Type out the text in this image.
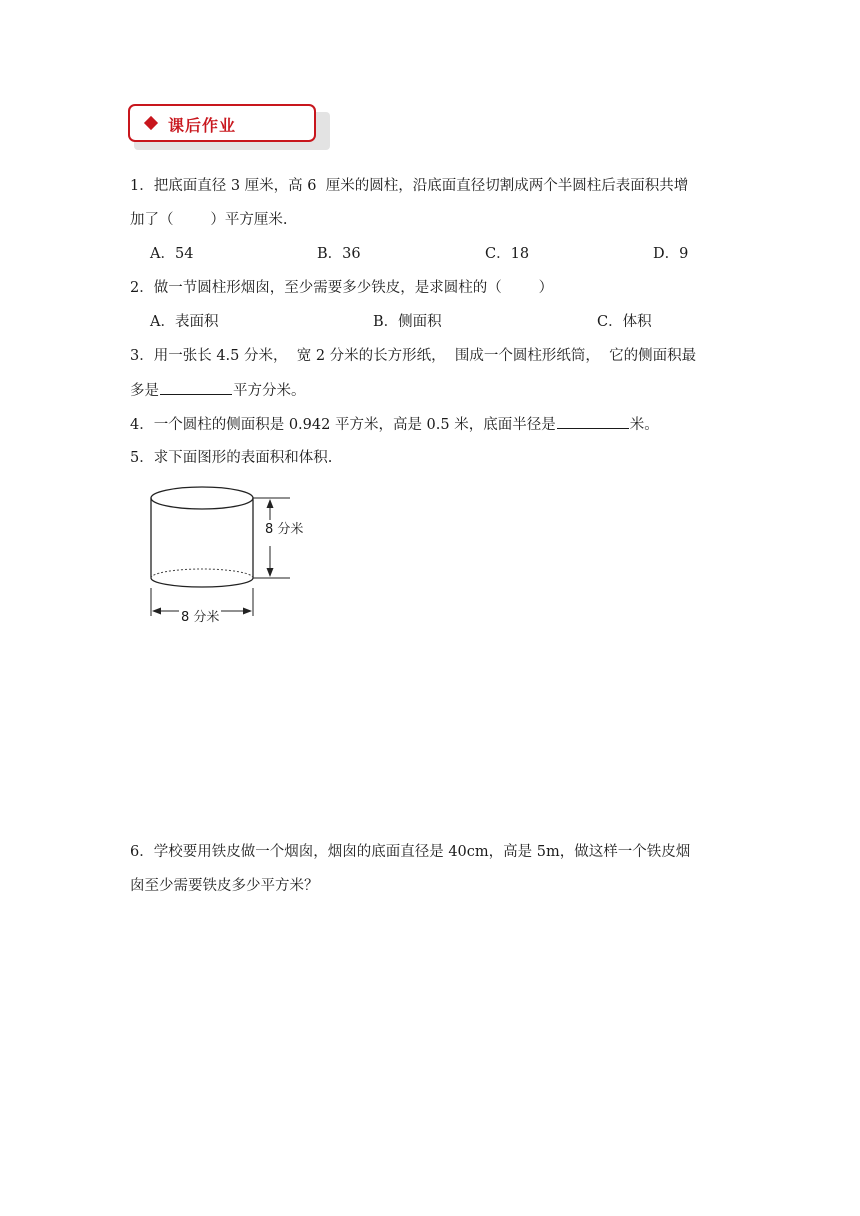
课后作业
1．把底面直径 3 厘米，高 6  厘米的圆柱，沿底面直径切割成两个半圆柱后表面积共增
加了（        ）平方厘米.
A．54	B．36	C．18	D．9
2．做一节圆柱形烟囱，至少需要多少铁皮，是求圆柱的（        ）
A．表面积	B．侧面积	C．体积
3．用一张长 4.5 分米，  宽 2 分米的长方形纸，  围成一个圆柱形纸筒，  它的侧面积最
多是	平方分米。
4．一个圆柱的侧面积是 0.942 平方米，高是 0.5 米，底面半径是	米。
5．求下面图形的表面积和体积.
8 分米
8 分米
6．学校要用铁皮做一个烟囱，烟囱的底面直径是 40cm，高是 5m，做这样一个铁皮烟
囱至少需要铁皮多少平方米？
